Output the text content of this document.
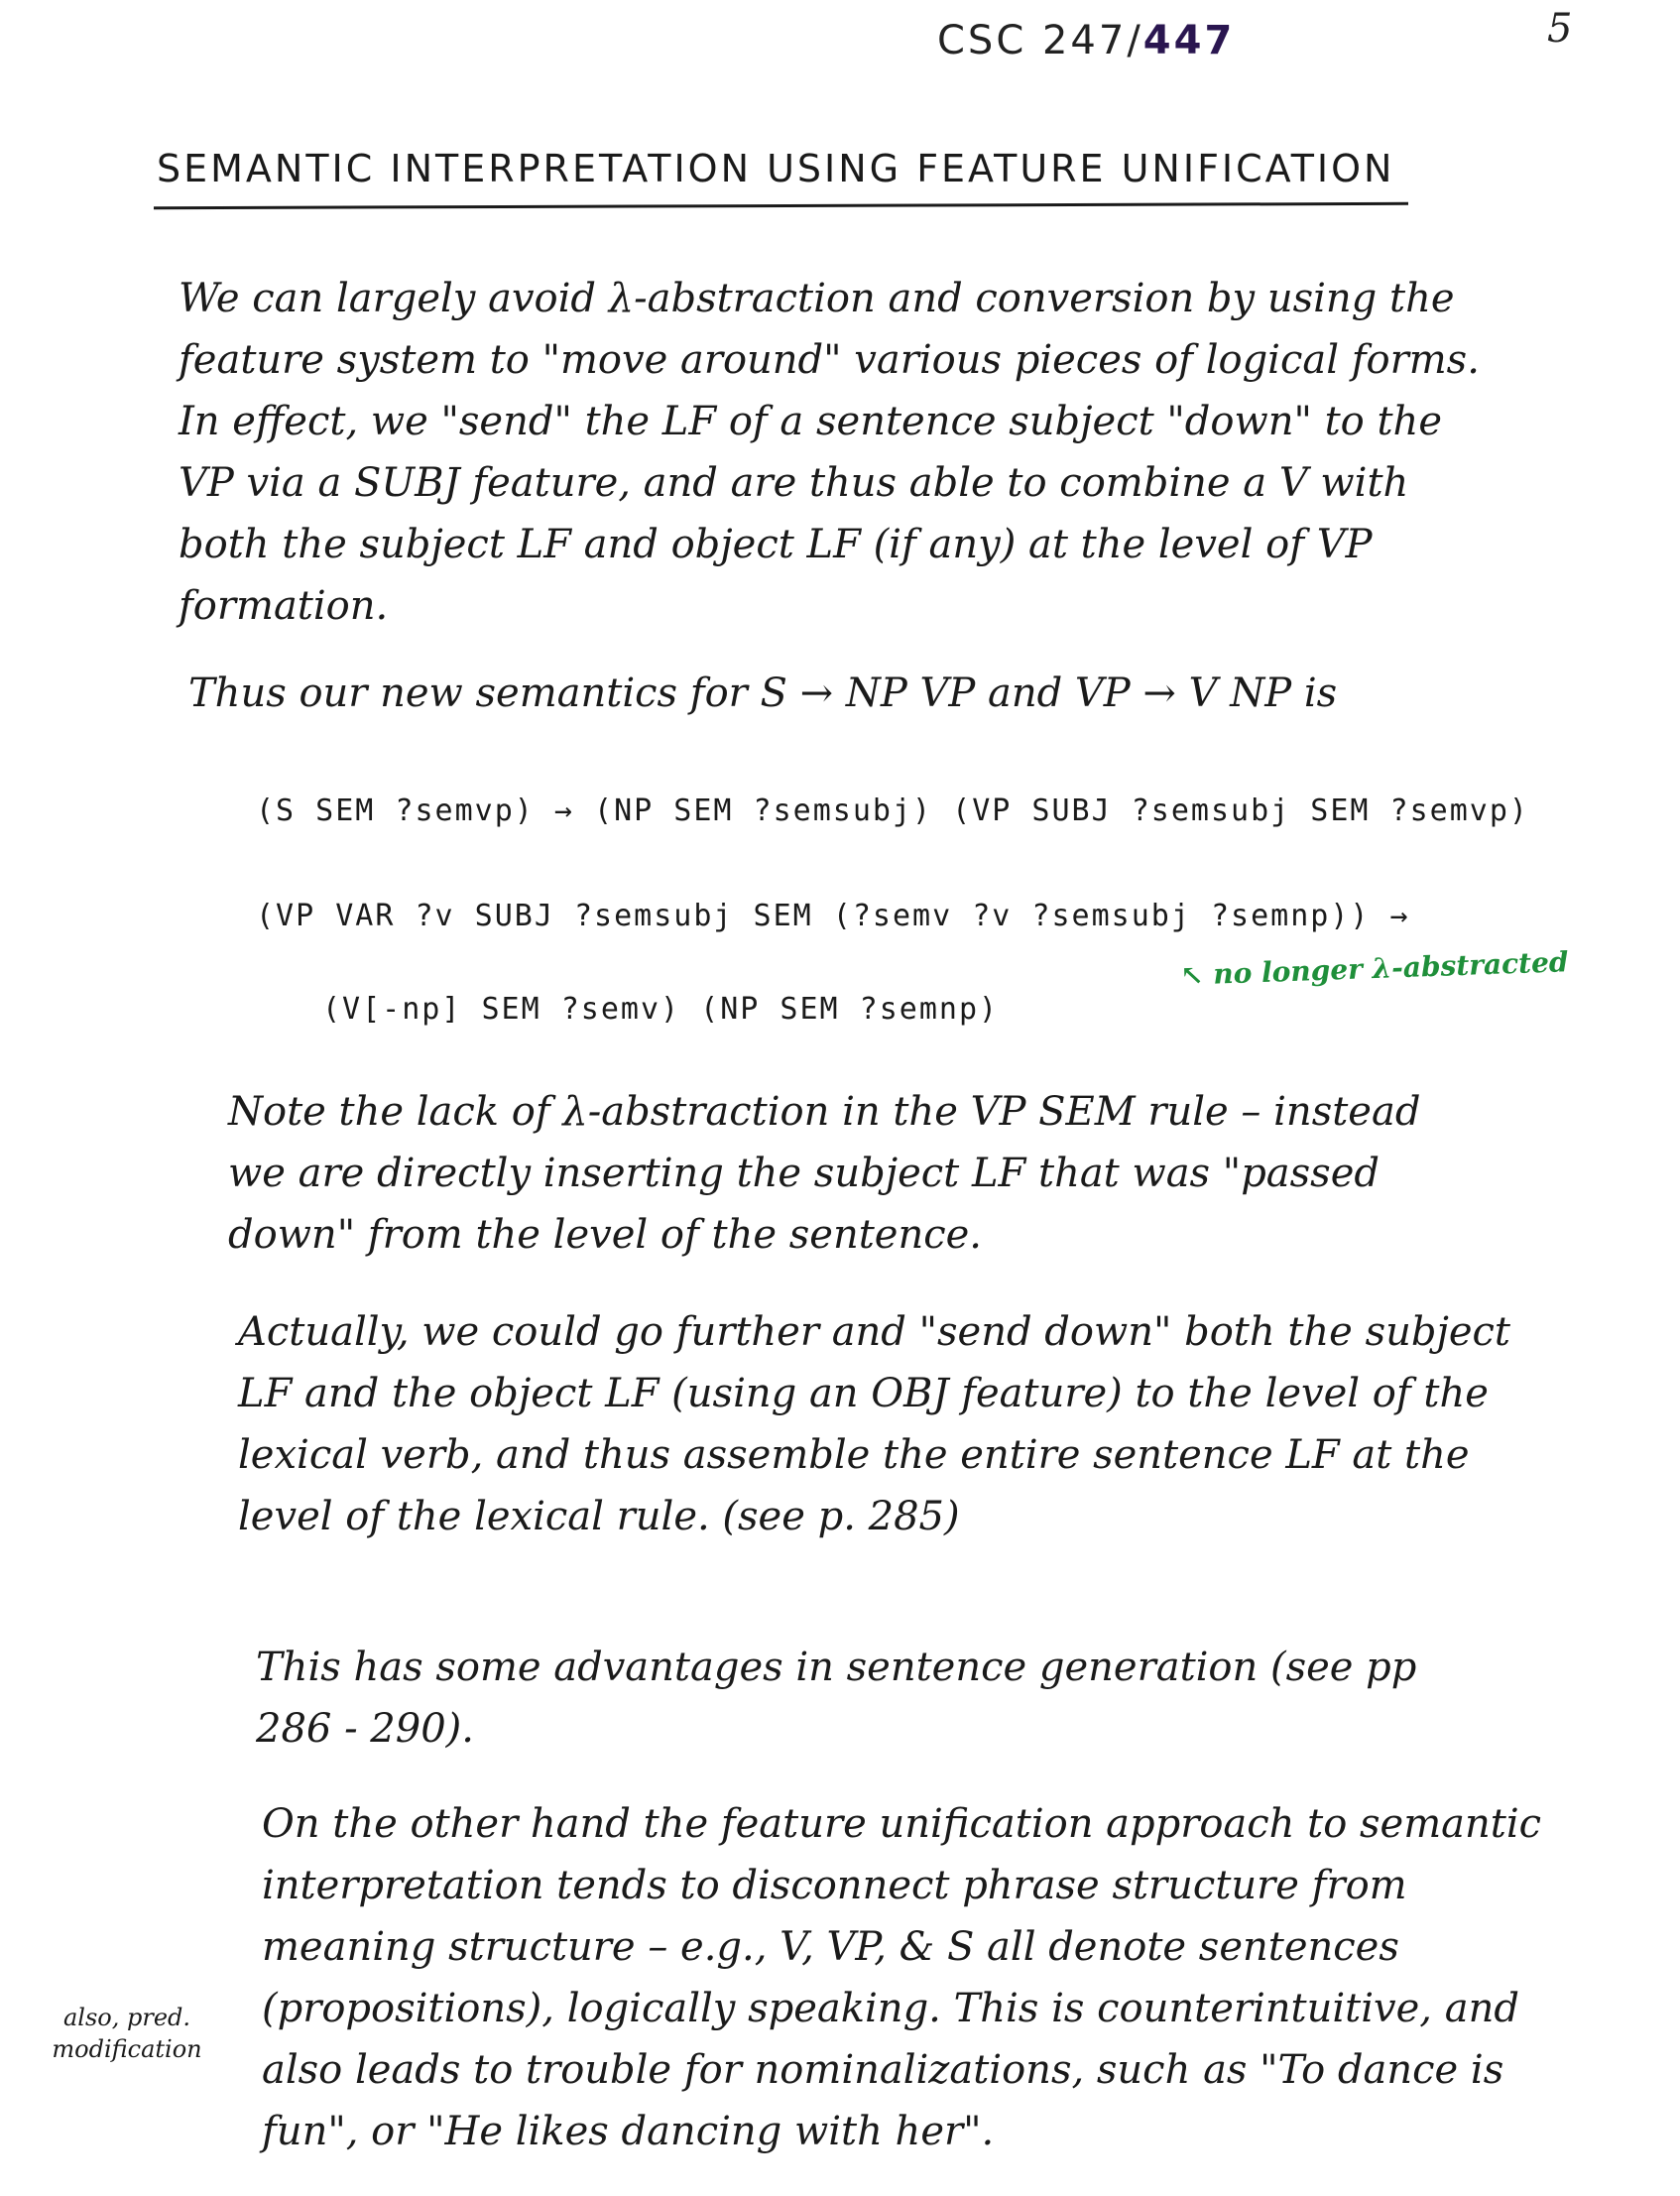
CSC 247/447	5
SEMANTIC INTERPRETATION USING FEATURE UNIFICATION
We can largely avoid λ-abstraction and conversion by using the feature system to "move around" various pieces of logical forms. In effect, we "send" the LF of a sentence subject "down" to the VP via a SUBJ feature, and are thus able to combine a V with both the subject LF and object LF (if any) at the level of VP formation.
Thus our new semantics for S → NP VP and VP → V NP is
(S SEM ?semvp) → (NP SEM ?semsubj) (VP SUBJ ?semsubj SEM ?semvp)
(VP VAR ?v SUBJ ?semsubj SEM (?semv ?v ?semsubj ?semnp)) →
(V[-np] SEM ?semv) (NP SEM ?semnp)
↖ no longer λ-abstracted
Note the lack of λ-abstraction in the VP SEM rule – instead we are directly inserting the subject LF that was "passed down" from the level of the sentence.
Actually, we could go further and "send down" both the subject LF and the object LF (using an OBJ feature) to the level of the lexical verb, and thus assemble the entire sentence LF at the level of the lexical rule. (see p. 285)
This has some advantages in sentence generation (see pp 286 - 290).
On the other hand the feature unification approach to semantic interpretation tends to disconnect phrase structure from meaning structure – e.g., V, VP, & S all denote sentences (propositions), logically speaking. This is counterintuitive, and also leads to trouble for nominalizations, such as "To dance is fun", or "He likes dancing with her".
also, pred. modification
